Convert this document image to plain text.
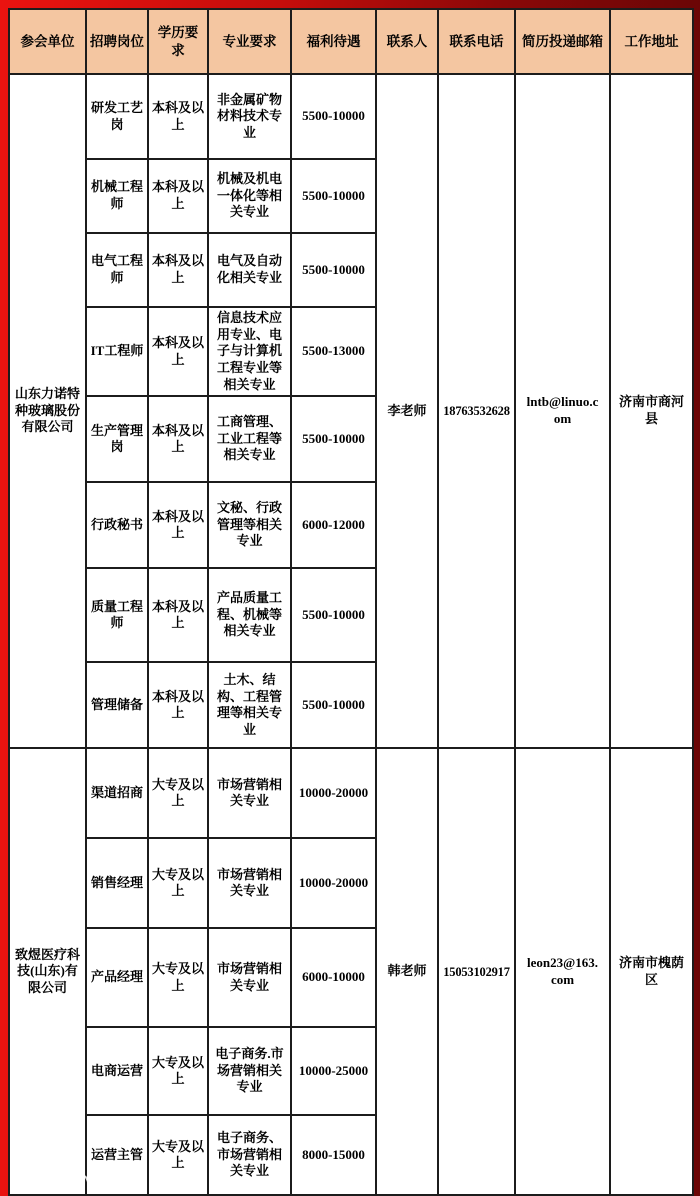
参会单位	招聘岗位	学历要求	专业要求	福利待遇	联系人	联系电话	简历投递邮箱	工作地址
山东力诺特种玻璃股份有限公司	研发工艺岗	本科及以上	非金属矿物材料技术专业	5500-10000	李老师	18763532628	lntb@linuo.com	济南市商河县
	机械工程师	本科及以上	机械及机电一体化等相关专业	5500-10000				
	电气工程师	本科及以上	电气及自动化相关专业	5500-10000				
	IT工程师	本科及以上	信息技术应用专业、电子与计算机工程专业等相关专业	5500-13000				
	生产管理岗	本科及以上	工商管理、工业工程等相关专业	5500-10000				
	行政秘书	本科及以上	文秘、行政管理等相关专业	6000-12000				
	质量工程师	本科及以上	产品质量工程、机械等相关专业	5500-10000				
	管理储备	本科及以上	土木、结构、工程管理等相关专业	5500-10000				
致煜医疗科技(山东)有限公司	渠道招商	大专及以上	市场营销相关专业	10000-20000	韩老师	15053102917	leon23@163.com	济南市槐荫区
	销售经理	大专及以上	市场营销相关专业	10000-20000				
	产品经理	大专及以上	市场营销相关专业	6000-10000				
	电商运营	大专及以上	电子商务.市场营销相关专业	10000-25000				
	运营主管	大专及以上	电子商务、市场营销相关专业	8000-15000				
